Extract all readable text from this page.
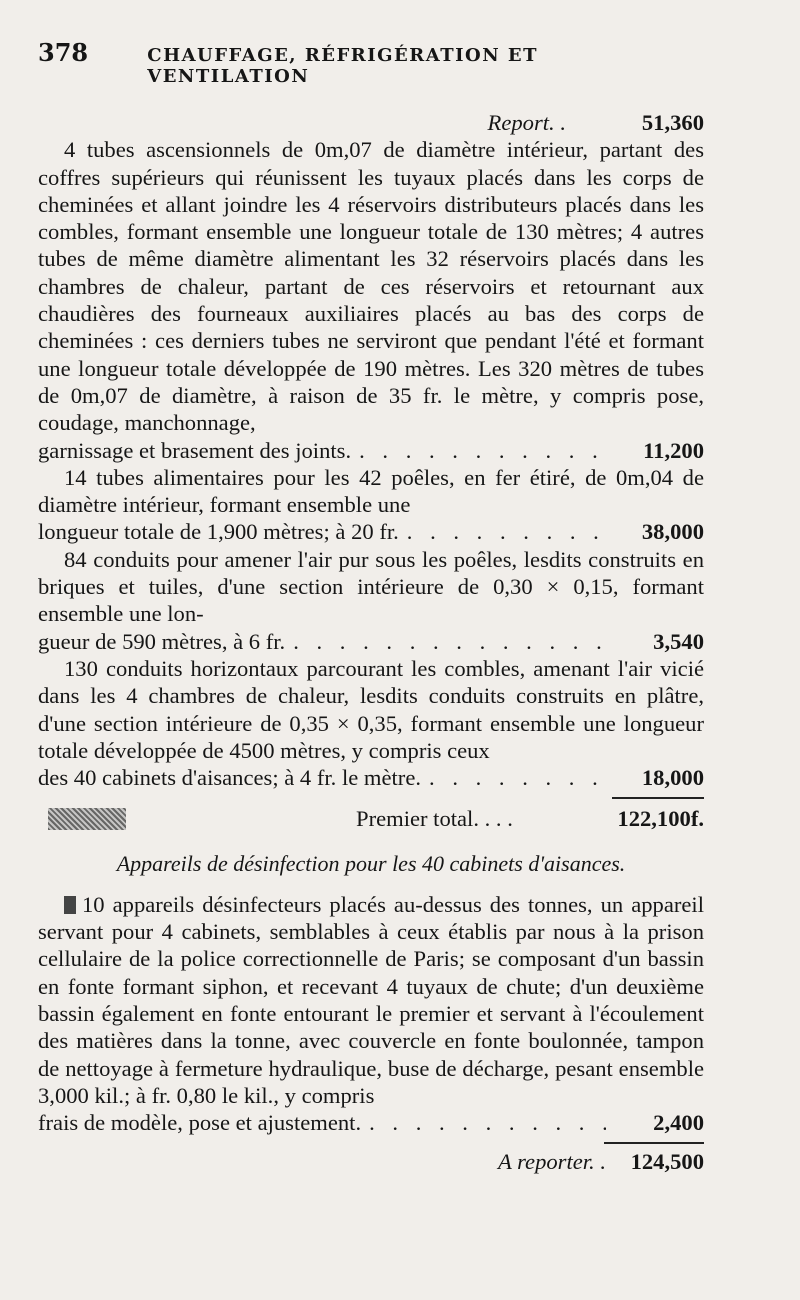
378	CHAUFFAGE, RÉFRIGÉRATION ET VENTILATION
Report. .	51,360

4 tubes ascensionnels de 0m,07 de diamètre intérieur, partant des coffres supérieurs qui réunissent les tuyaux placés dans les corps de cheminées et allant joindre les 4 réservoirs distributeurs placés dans les combles, formant ensemble une longueur totale de 130 mètres; 4 autres tubes de même diamètre alimentant les 32 réservoirs placés dans les chambres de chaleur, partant de ces réservoirs et retournant aux chaudières des fourneaux auxiliaires placés au bas des corps de cheminées : ces derniers tubes ne serviront que pendant l'été et formant une longueur totale développée de 190 mètres. Les 320 mètres de tubes de 0m,07 de diamètre, à raison de 35 fr. le mètre, y compris pose, coudage, manchonnage,

garnissage et brasement des joints. . . .	11,200

14 tubes alimentaires pour les 42 poêles, en fer étiré, de 0m,04 de diamètre intérieur, formant ensemble une

longueur totale de 1,900 mètres; à 20 fr. . . .	38,000

84 conduits pour amener l'air pur sous les poêles, lesdits construits en briques et tuiles, d'une section intérieure de 0,30 × 0,15, formant ensemble une lon-

gueur de 590 mètres, à 6 fr. . . .	3,540

130 conduits horizontaux parcourant les combles, amenant l'air vicié dans les 4 chambres de chaleur, lesdits conduits construits en plâtre, d'une section intérieure de 0,35 × 0,35, formant ensemble une longueur totale développée de 4500 mètres, y compris ceux

des 40 cabinets d'aisances; à 4 fr. le mètre. . . .	18,000
Premier total. . . .	122,100f.
Appareils de désinfection pour les 40 cabinets d'aisances.

10 appareils désinfecteurs placés au-dessus des tonnes, un appareil servant pour 4 cabinets, semblables à ceux établis par nous à la prison cellulaire de la police correctionnelle de Paris; se composant d'un bassin en fonte formant siphon, et recevant 4 tuyaux de chute; d'un deuxième bassin également en fonte entourant le premier et servant à l'écoulement des matières dans la tonne, avec couvercle en fonte boulonnée, tampon de nettoyage à fermeture hydraulique, buse de décharge, pesant ensemble 3,000 kil.; à fr. 0,80 le kil., y compris

frais de modèle, pose et ajustement. . . .	2,400
A reporter. .	124,500
